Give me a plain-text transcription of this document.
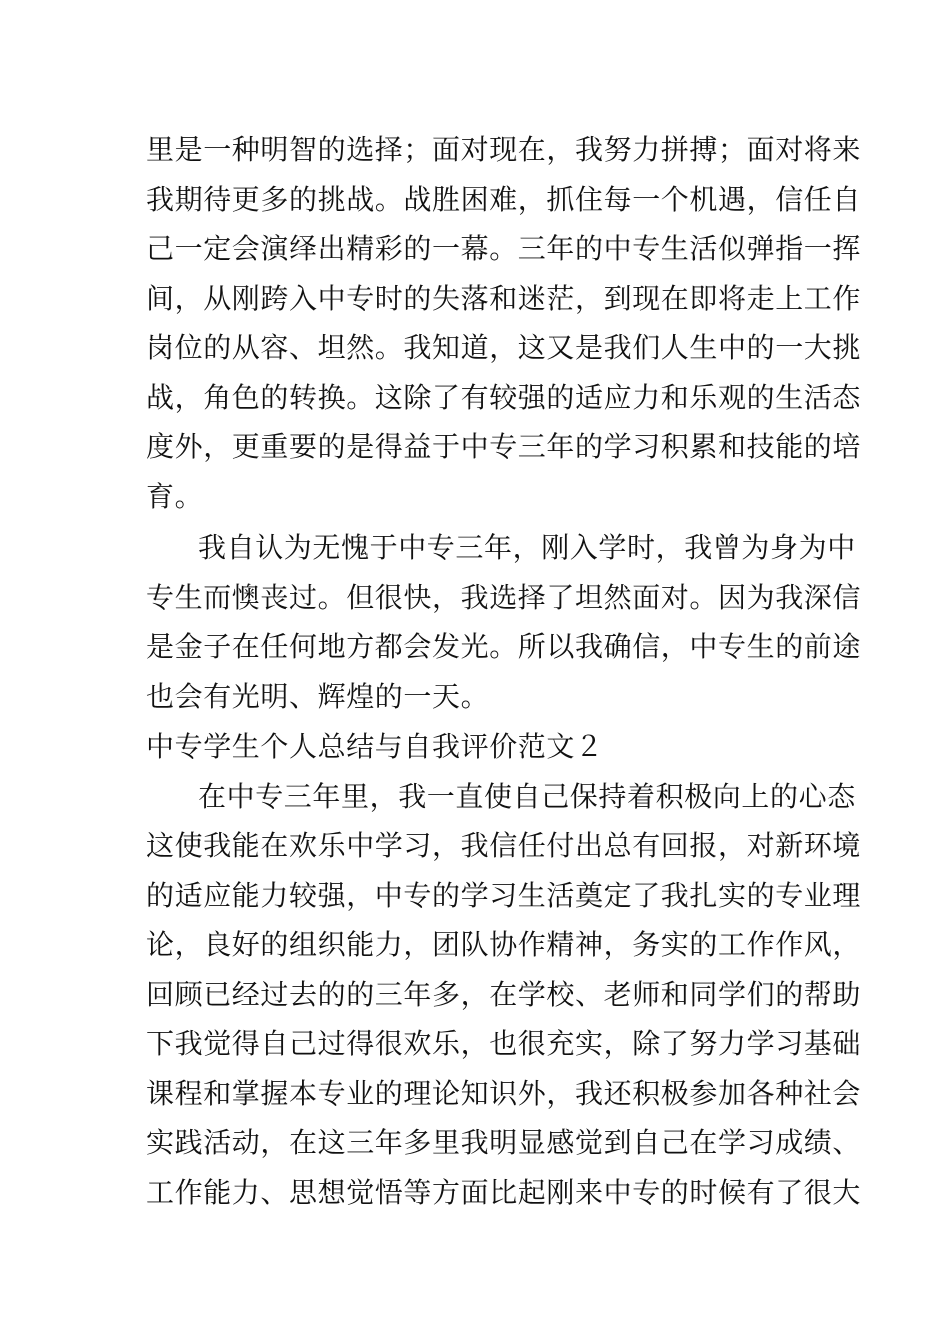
里是一种明智的选择；面对现在，我努力拼搏；面对将来
我期待更多的挑战。战胜困难，抓住每一个机遇，信任自
己一定会演绎出精彩的一幕。三年的中专生活似弹指一挥
间，从刚跨入中专时的失落和迷茫，到现在即将走上工作
岗位的从容、坦然。我知道，这又是我们人生中的一大挑
战，角色的转换。这除了有较强的适应力和乐观的生活态
度外，更重要的是得益于中专三年的学习积累和技能的培
育。
我自认为无愧于中专三年，刚入学时，我曾为身为中
专生而懊丧过。但很快，我选择了坦然面对。因为我深信
是金子在任何地方都会发光。所以我确信，中专生的前途
也会有光明、辉煌的一天。
中专学生个人总结与自我评价范文２
在中专三年里，我一直使自己保持着积极向上的心态
这使我能在欢乐中学习，我信任付出总有回报，对新环境
的适应能力较强，中专的学习生活奠定了我扎实的专业理
论，良好的组织能力，团队协作精神，务实的工作作风，
回顾已经过去的的三年多，在学校、老师和同学们的帮助
下我觉得自己过得很欢乐，也很充实，除了努力学习基础
课程和掌握本专业的理论知识外，我还积极参加各种社会
实践活动，在这三年多里我明显感觉到自己在学习成绩、
工作能力、思想觉悟等方面比起刚来中专的时候有了很大
